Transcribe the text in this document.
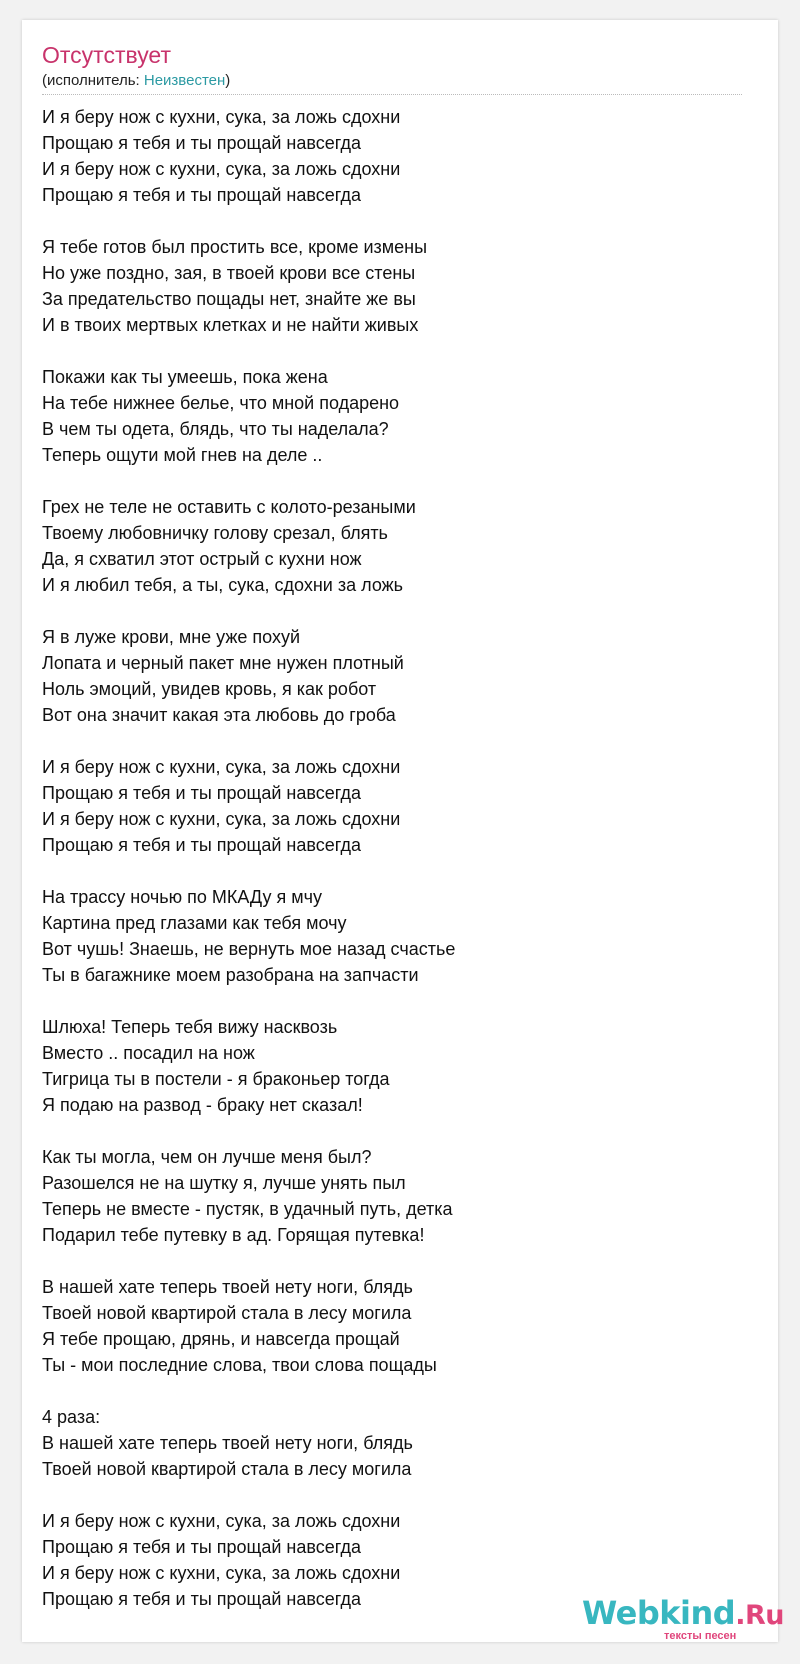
Отсутствует
(исполнитель: Неизвестен)
И я беру нож с кухни, сука, за ложь сдохни
Прощаю я тебя и ты прощай навсегда
И я беру нож с кухни, сука, за ложь сдохни
Прощаю я тебя и ты прощай навсегда
Я тебе готов был простить все, кроме измены
Но уже поздно, зая, в твоей крови все стены
За предательство пощады нет, знайте же вы
И в твоих мертвых клетках и не найти живых
Покажи как ты умеешь, пока жена
На тебе нижнее белье, что мной подарено
В чем ты одета, блядь, что ты наделала?
Теперь ощути мой гнев на деле ..
Грех не теле не оставить с колото-резаными
Твоему любовничку голову срезал, блять
Да, я схватил этот острый с кухни нож
И я любил тебя, а ты, сука, сдохни за ложь
Я в луже крови, мне уже похуй
Лопата и черный пакет мне нужен плотный
Ноль эмоций, увидев кровь, я как робот
Вот она значит какая эта любовь до гроба
И я беру нож с кухни, сука, за ложь сдохни
Прощаю я тебя и ты прощай навсегда
И я беру нож с кухни, сука, за ложь сдохни
Прощаю я тебя и ты прощай навсегда
На трассу ночью по МКАДу я мчу
Картина пред глазами как тебя мочу
Вот чушь! Знаешь, не вернуть мое назад счастье
Ты в багажнике моем разобрана на запчасти
Шлюха! Теперь тебя вижу насквозь
Вместо .. посадил на нож
Тигрица ты в постели - я браконьер тогда
Я подаю на развод - браку нет сказал!
Как ты могла, чем он лучше меня был?
Разошелся не на шутку я, лучше унять пыл
Теперь не вместе - пустяк, в удачный путь, детка
Подарил тебе путевку в ад. Горящая путевка!
В нашей хате теперь твоей нету ноги, блядь
Твоей новой квартирой стала в лесу могила
Я тебе прощаю, дрянь, и навсегда прощай
Ты - мои последние слова, твои слова пощады
4 раза:
В нашей хате теперь твоей нету ноги, блядь
Твоей новой квартирой стала в лесу могила
И я беру нож с кухни, сука, за ложь сдохни
Прощаю я тебя и ты прощай навсегда
И я беру нож с кухни, сука, за ложь сдохни
Прощаю я тебя и ты прощай навсегда	Webkind.Ru
тексты песен
